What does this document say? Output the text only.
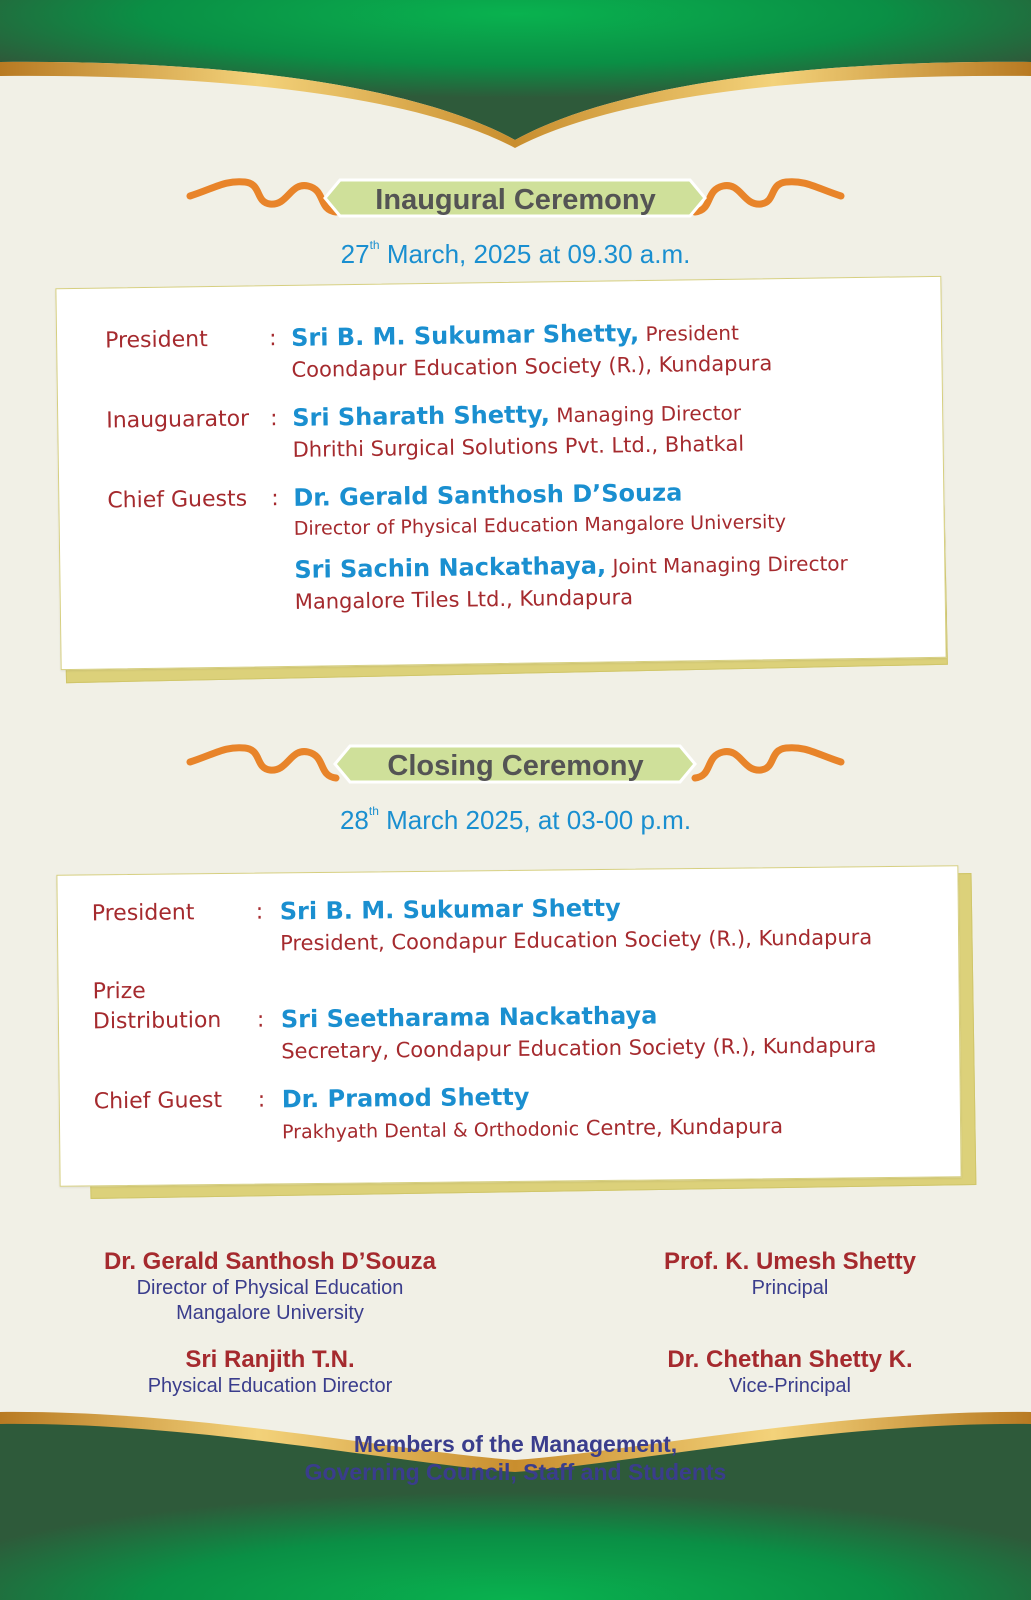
Inaugural Ceremony
27th March, 2025 at 09.30 a.m.
President	: Sri B. M. Sukumar Shetty, President
Coondapur Education Society (R.), Kundapura
Inauguarator : Sri Sharath Shetty, Managing Director
Dhrithi Surgical Solutions Pvt. Ltd., Bhatkal
Chief Guests : Dr. Gerald Santhosh D’Souza
Director of Physical Education Mangalore University
Sri Sachin Nackathaya, Joint Managing Director
Mangalore Tiles Ltd., Kundapura
Closing Ceremony
28th March 2025, at 03-00 p.m.
President	: Sri B. M. Sukumar Shetty
President, Coondapur Education Society (R.), Kundapura
Prize
Distribution : Sri Seetharama Nackathaya
Secretary, Coondapur Education Society (R.), Kundapura
Chief Guest : Dr. Pramod Shetty
Prakhyath Dental & Orthodonic Centre, Kundapura
Dr. Gerald Santhosh D’Souza
Director of Physical Education
Mangalore University
Prof. K. Umesh Shetty
Principal
Sri Ranjith T.N.
Physical Education Director
Dr. Chethan Shetty K.
Vice-Principal
Members of the Management,
Governing Council, Staff and Students
